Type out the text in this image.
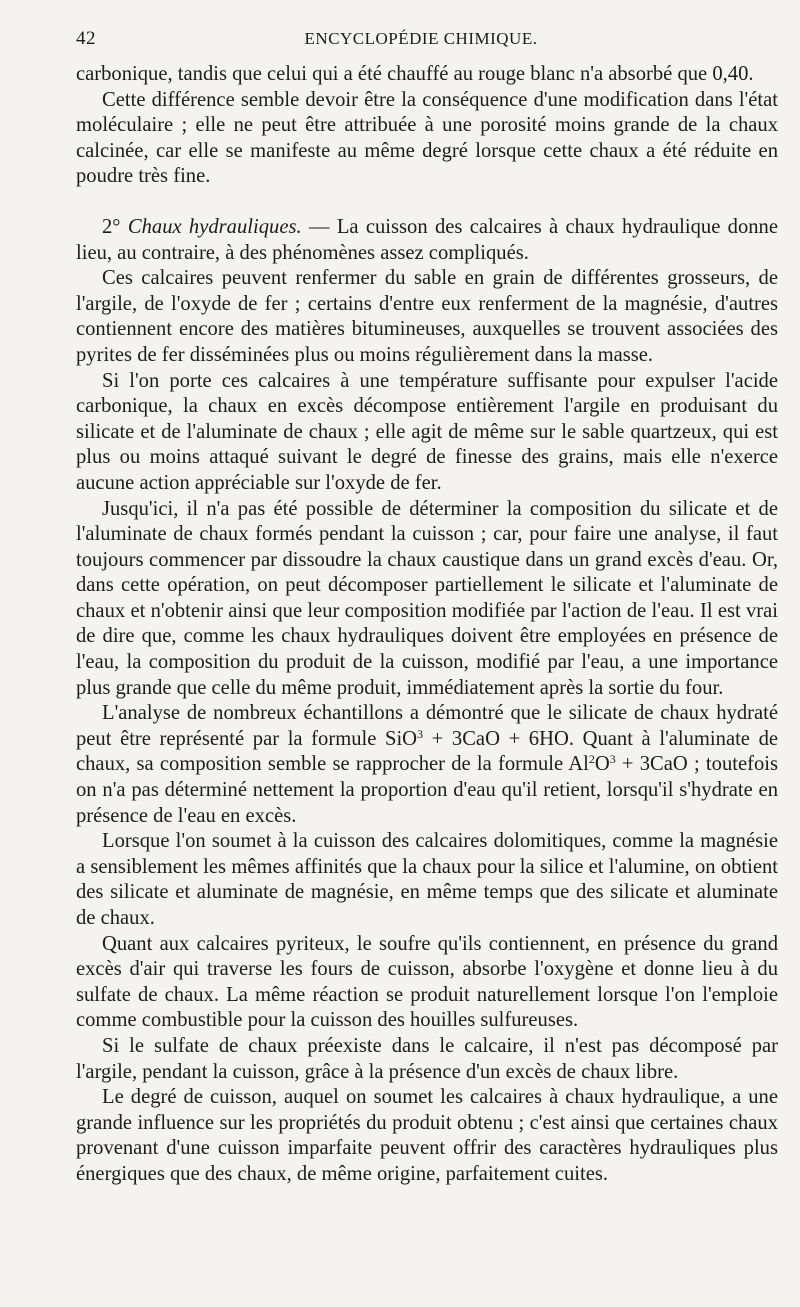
42	ENCYCLOPÉDIE CHIMIQUE.

carbonique, tandis que celui qui a été chauffé au rouge blanc n'a absorbé que 0,40.

Cette différence semble devoir être la conséquence d'une modification dans l'état moléculaire ; elle ne peut être attribuée à une porosité moins grande de la chaux calcinée, car elle se manifeste au même degré lorsque cette chaux a été réduite en poudre très fine.

2° Chaux hydrauliques. — La cuisson des calcaires à chaux hydraulique donne lieu, au contraire, à des phénomènes assez compliqués.

Ces calcaires peuvent renfermer du sable en grain de différentes grosseurs, de l'argile, de l'oxyde de fer ; certains d'entre eux renferment de la magnésie, d'autres contiennent encore des matières bitumineuses, auxquelles se trouvent associées des pyrites de fer disséminées plus ou moins régulièrement dans la masse.

Si l'on porte ces calcaires à une température suffisante pour expulser l'acide carbonique, la chaux en excès décompose entièrement l'argile en produisant du silicate et de l'aluminate de chaux ; elle agit de même sur le sable quartzeux, qui est plus ou moins attaqué suivant le degré de finesse des grains, mais elle n'exerce aucune action appréciable sur l'oxyde de fer.

Jusqu'ici, il n'a pas été possible de déterminer la composition du silicate et de l'aluminate de chaux formés pendant la cuisson ; car, pour faire une analyse, il faut toujours commencer par dissoudre la chaux caustique dans un grand excès d'eau. Or, dans cette opération, on peut décomposer partiellement le silicate et l'aluminate de chaux et n'obtenir ainsi que leur composition modifiée par l'action de l'eau. Il est vrai de dire que, comme les chaux hydrauliques doivent être employées en présence de l'eau, la composition du produit de la cuisson, modifié par l'eau, a une importance plus grande que celle du même produit, immédiatement après la sortie du four.

L'analyse de nombreux échantillons a démontré que le silicate de chaux hydraté peut être représenté par la formule SiO$^3$ + 3CaO + 6HO. Quant à l'aluminate de chaux, sa composition semble se rapprocher de la formule $Al^2O^3 + 3CaO$ ; toutefois on n'a pas déterminé nettement la proportion d'eau qu'il retient, lorsqu'il s'hydrate en présence de l'eau en excès.

Lorsque l'on soumet à la cuisson des calcaires dolomitiques, comme la magnésie a sensiblement les mêmes affinités que la chaux pour la silice et l'alumine, on obtient des silicate et aluminate de magnésie, en même temps que des silicate et aluminate de chaux.

Quant aux calcaires pyriteux, le soufre qu'ils contiennent, en présence du grand excès d'air qui traverse les fours de cuisson, absorbe l'oxygène et donne lieu à du sulfate de chaux. La même réaction se produit naturellement lorsque l'on l'emploie comme combustible pour la cuisson des houilles sulfureuses.

Si le sulfate de chaux préexiste dans le calcaire, il n'est pas décomposé par l'argile, pendant la cuisson, grâce à la présence d'un excès de chaux libre.

Le degré de cuisson, auquel on soumet les calcaires à chaux hydraulique, a une grande influence sur les propriétés du produit obtenu ; c'est ainsi que certaines chaux provenant d'une cuisson imparfaite peuvent offrir des caractères hydrauliques plus énergiques que des chaux, de même origine, parfaitement cuites.
